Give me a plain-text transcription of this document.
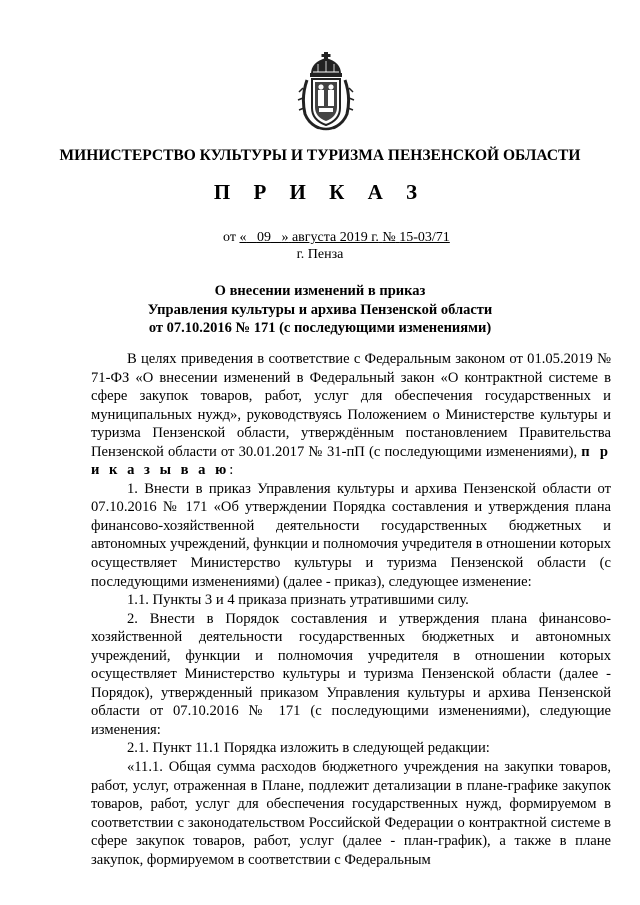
МИНИСТЕРСТВО КУЛЬТУРЫ И ТУРИЗМА ПЕНЗЕНСКОЙ ОБЛАСТИ
П Р И К А З
от « 09 » августа 2019 г. № 15-03/71
г. Пенза
О внесении изменений в приказ
Управления культуры и архива Пензенской области
от 07.10.2016 № 171 (с последующими изменениями)

В целях приведения в соответствие с Федеральным законом от 01.05.2019 № 71-ФЗ «О внесении изменений в Федеральный закон «О контрактной системе в сфере закупок товаров, работ, услуг для обеспечения государственных и муниципальных нужд», руководствуясь Положением о Министерстве культуры и туризма Пензенской области, утверждённым постановлением Правительства Пензенской области от 30.01.2017 № 31-пП (с последующими изменениями), п р и к а з ы в а ю:

1. Внести в приказ Управления культуры и архива Пензенской области от 07.10.2016 № 171 «Об утверждении Порядка составления и утверждения плана финансово-хозяйственной деятельности государственных бюджетных и автономных учреждений, функции и полномочия учредителя в отношении которых осуществляет Министерство культуры и туризма Пензенской области (с последующими изменениями) (далее - приказ), следующее изменение:

1.1. Пункты 3 и 4 приказа признать утратившими силу.

2. Внести в Порядок составления и утверждения плана финансово-хозяйственной деятельности государственных бюджетных и автономных учреждений, функции и полномочия учредителя в отношении которых осуществляет Министерство культуры и туризма Пензенской области (далее - Порядок), утвержденный приказом Управления культуры и архива Пензенской области от 07.10.2016 № 171 (с последующими изменениями), следующие изменения:

2.1. Пункт 11.1 Порядка изложить в следующей редакции:

«11.1. Общая сумма расходов бюджетного учреждения на закупки товаров, работ, услуг, отраженная в Плане, подлежит детализации в плане-графике закупок товаров, работ, услуг для обеспечения государственных нужд, формируемом в соответствии с законодательством Российской Федерации о контрактной системе в сфере закупок товаров, работ, услуг (далее - план-график), а также в плане закупок, формируемом в соответствии с Федеральным
